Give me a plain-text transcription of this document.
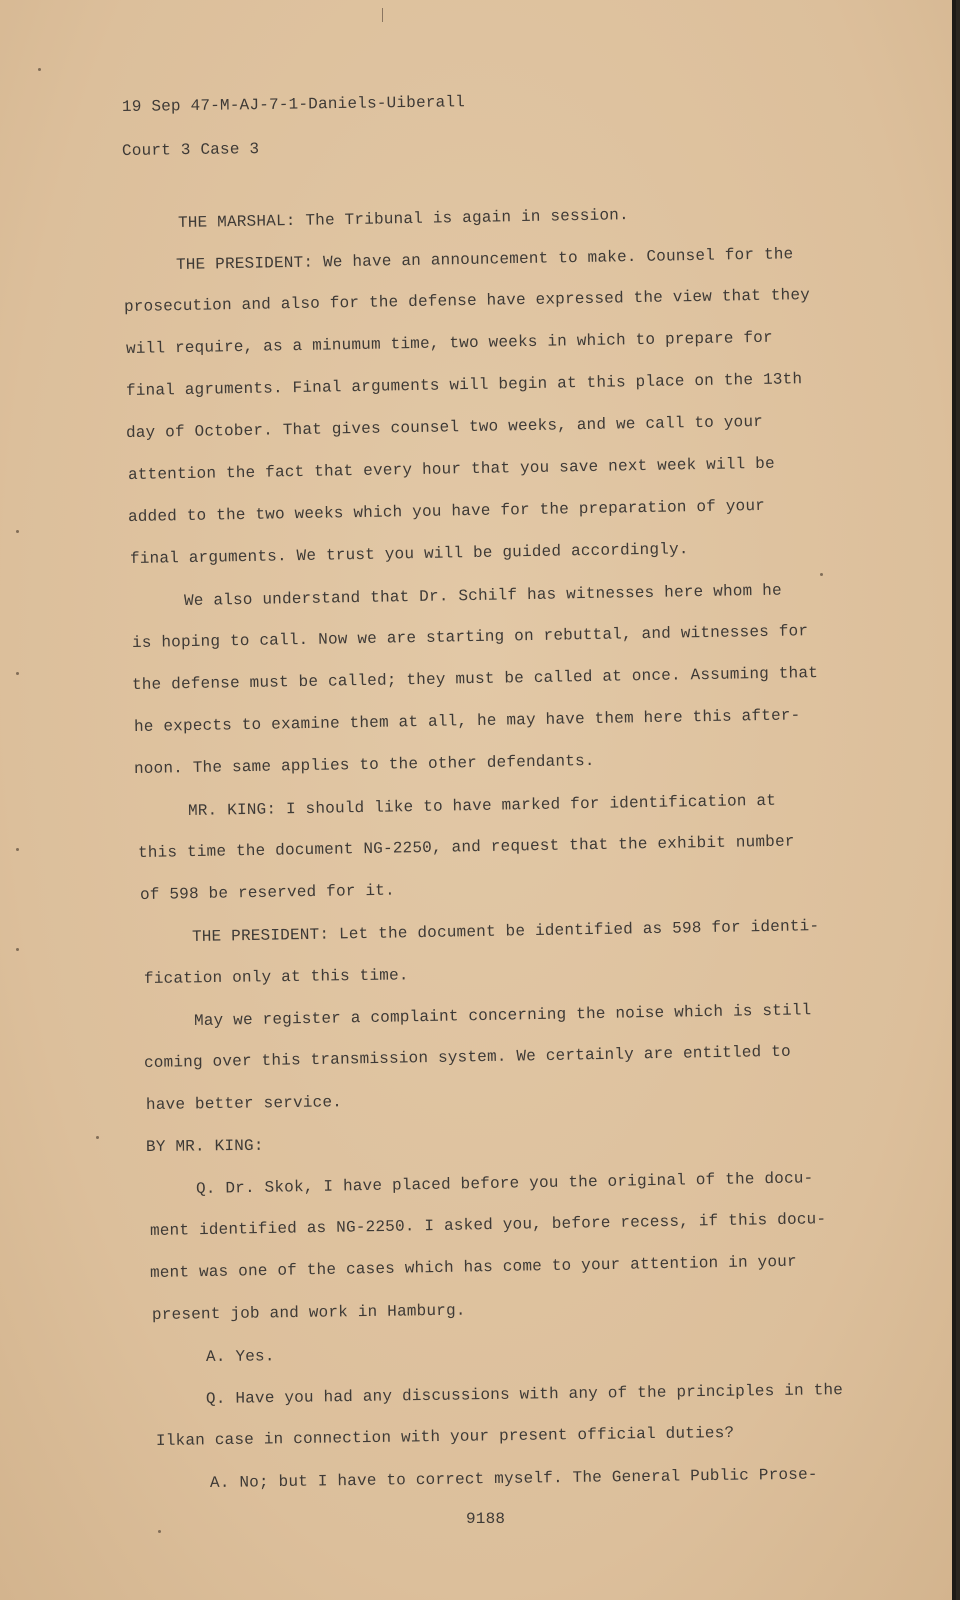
19 Sep 47-M-AJ-7-1-Daniels-Uiberall
Court 3 Case 3
THE MARSHAL: The Tribunal is again in session.
THE PRESIDENT: We have an announcement to make. Counsel for the
prosecution and also for the defense have expressed the view that they
will require, as a minumum time, two weeks in which to prepare for
final agruments. Final arguments will begin at this place on the 13th
day of October. That gives counsel two weeks, and we call to your
attention the fact that every hour that you save next week will be
added to the two weeks which you have for the preparation of your
final arguments. We trust you will be guided accordingly.
We also understand that Dr. Schilf has witnesses here whom he
is hoping to call. Now we are starting on rebuttal, and witnesses for
the defense must be called; they must be called at once. Assuming that
he expects to examine them at all, he may have them here this after-
noon. The same applies to the other defendants.
MR. KING: I should like to have marked for identification at
this time the document NG-2250, and request that the exhibit number
of 598 be reserved for it.
THE PRESIDENT: Let the document be identified as 598 for identi-
fication only at this time.
May we register a complaint concerning the noise which is still
coming over this transmission system. We certainly are entitled to
have better service.
BY MR. KING:
Q. Dr. Skok, I have placed before you the original of the docu-
ment identified as NG-2250. I asked you, before recess, if this docu-
ment was one of the cases which has come to your attention in your
present job and work in Hamburg.
A. Yes.
Q. Have you had any discussions with any of the principles in the
Ilkan case in connection with your present official duties?
A. No; but I have to correct myself. The General Public Prose-
9188
